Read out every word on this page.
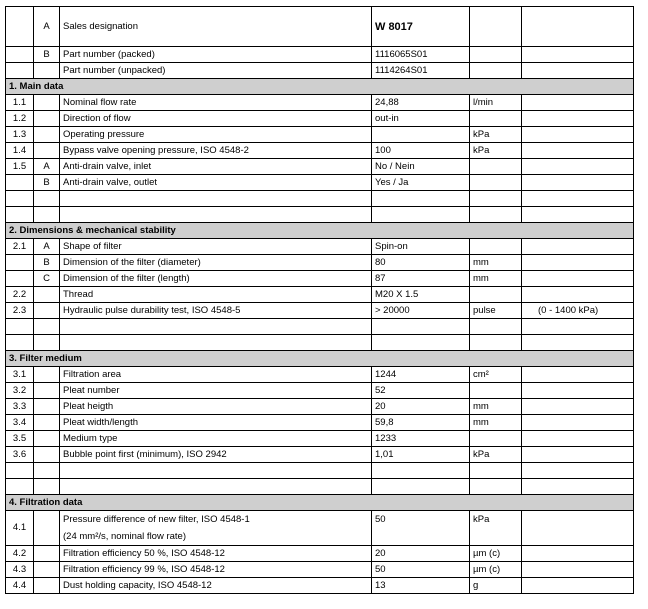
	A	Sales designation	W 8017		
	B	Part number (packed)	1116065S01		
		Part number (unpacked)	1114264S01		
1. Main data					
1.1		Nominal flow rate	24,88	l/min	
1.2		Direction of flow	out-in		
1.3		Operating pressure		kPa	
1.4		Bypass valve opening pressure, ISO 4548-2	100	kPa	
1.5	A	Anti-drain valve, inlet	No / Nein		
	B	Anti-drain valve, outlet	Yes / Ja		

2. Dimensions & mechanical stability					
2.1	A	Shape of filter	Spin-on		
	B	Dimension of the filter (diameter)	80	mm	
	C	Dimension of the filter (length)	87	mm	
2.2		Thread	M20 X 1.5		
2.3		Hydraulic pulse durability test, ISO 4548-5	> 20000	pulse	(0 - 1400 kPa)

3. Filter medium					
3.1		Filtration area	1244	cm²	
3.2		Pleat number	52		
3.3		Pleat heigth	20	mm	
3.4		Pleat width/length	59,8	mm	
3.5		Medium type	1233		
3.6		Bubble point first (minimum), ISO 2942	1,01	kPa	

4. Filtration data					
4.1		Pressure difference of new filter, ISO 4548-1
(24 mm²/s, nominal flow rate)	50	kPa	
4.2		Filtration efficiency 50 %, ISO 4548-12	20	µm (c)	
4.3		Filtration efficiency 99 %, ISO 4548-12	50	µm (c)	
4.4		Dust holding capacity, ISO 4548-12	13	g	
